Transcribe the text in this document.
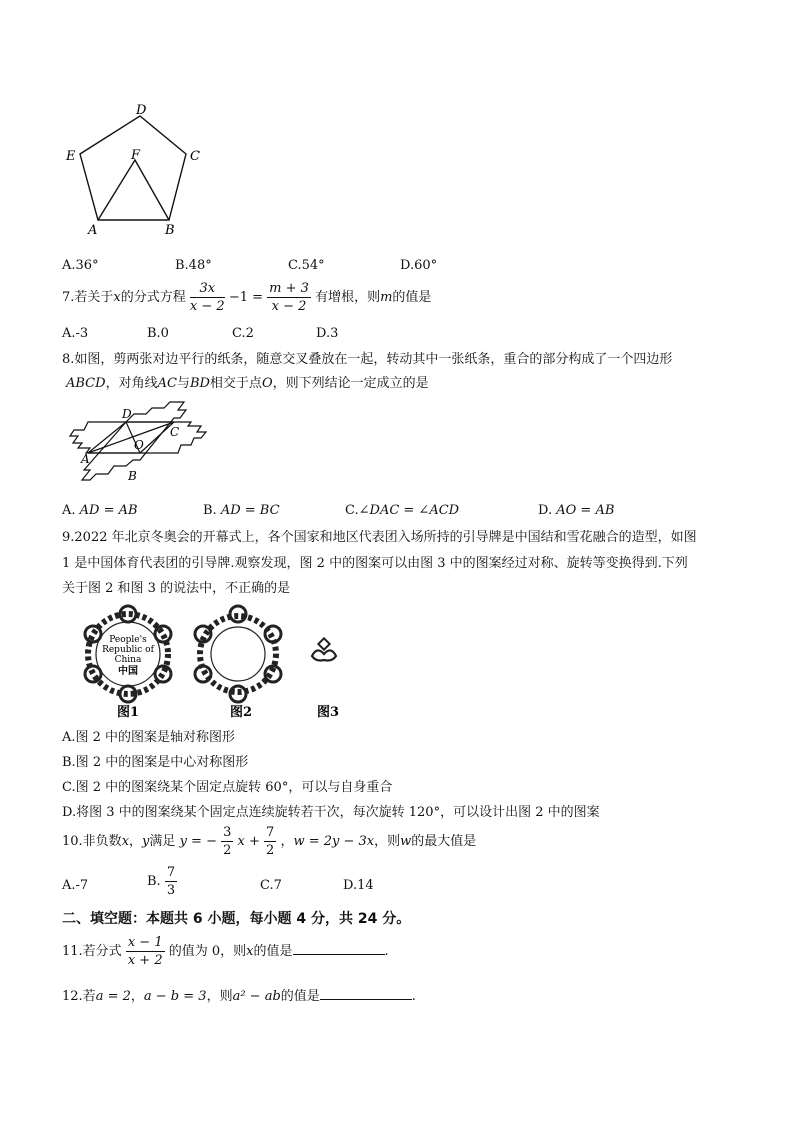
D
E	F	C
A	B
A.36°	B.48°	C.54°	D.60°
7.若关于x的分式方程 $\frac{3x}{x - 2} -1 = \frac{m + 3}{x - 2}$ 有增根，则m的值是
A.-3	B.0	C.2	D.3
8.如图，剪两张对边平行的纸条，随意交叉叠放在一起，转动其中一张纸条，重合的部分构成了一个四边形
ABCD，对角线AC与BD相交于点O，则下列结论一定成立的是
D
C
O
A
B
A. AD = AB	B. AD = BC	C.∠DAC = ∠ACD	D. AO = AB
9.2022 年北京冬奥会的开幕式上，各个国家和地区代表团入场所持的引导牌是中国结和雪花融合的造型，如图
1 是中国体育代表团的引导牌.观察发现，图 2 中的图案可以由图 3 中的图案经过对称、旋转等变换得到.下列
关于图 2 和图 3 的说法中，不正确的是
People's
Republic of
China
中国
图1	图2	图3
A.图 2 中的图案是轴对称图形
B.图 2 中的图案是中心对称图形
C.图 2 中的图案绕某个固定点旋转 60°，可以与自身重合
D.将图 3 中的图案绕某个固定点连续旋转若干次，每次旋转 120°，可以设计出图 2 中的图案
10.非负数x，y满足 y = − $\frac{3}{2}$ $x + \frac{7}{2}$ ，w = 2y − 3x，则w的最大值是
A.-7	B. $\frac{7}{3}$	C.7	D.14
二、填空题：本题共 6 小题，每小题 4 分，共 24 分。
11.若分式 $\frac{x - 1}{x + 2}$ 的值为 0，则x的值是	.
12.若a = 2，a − b = 3，则a² − ab的值是	.
